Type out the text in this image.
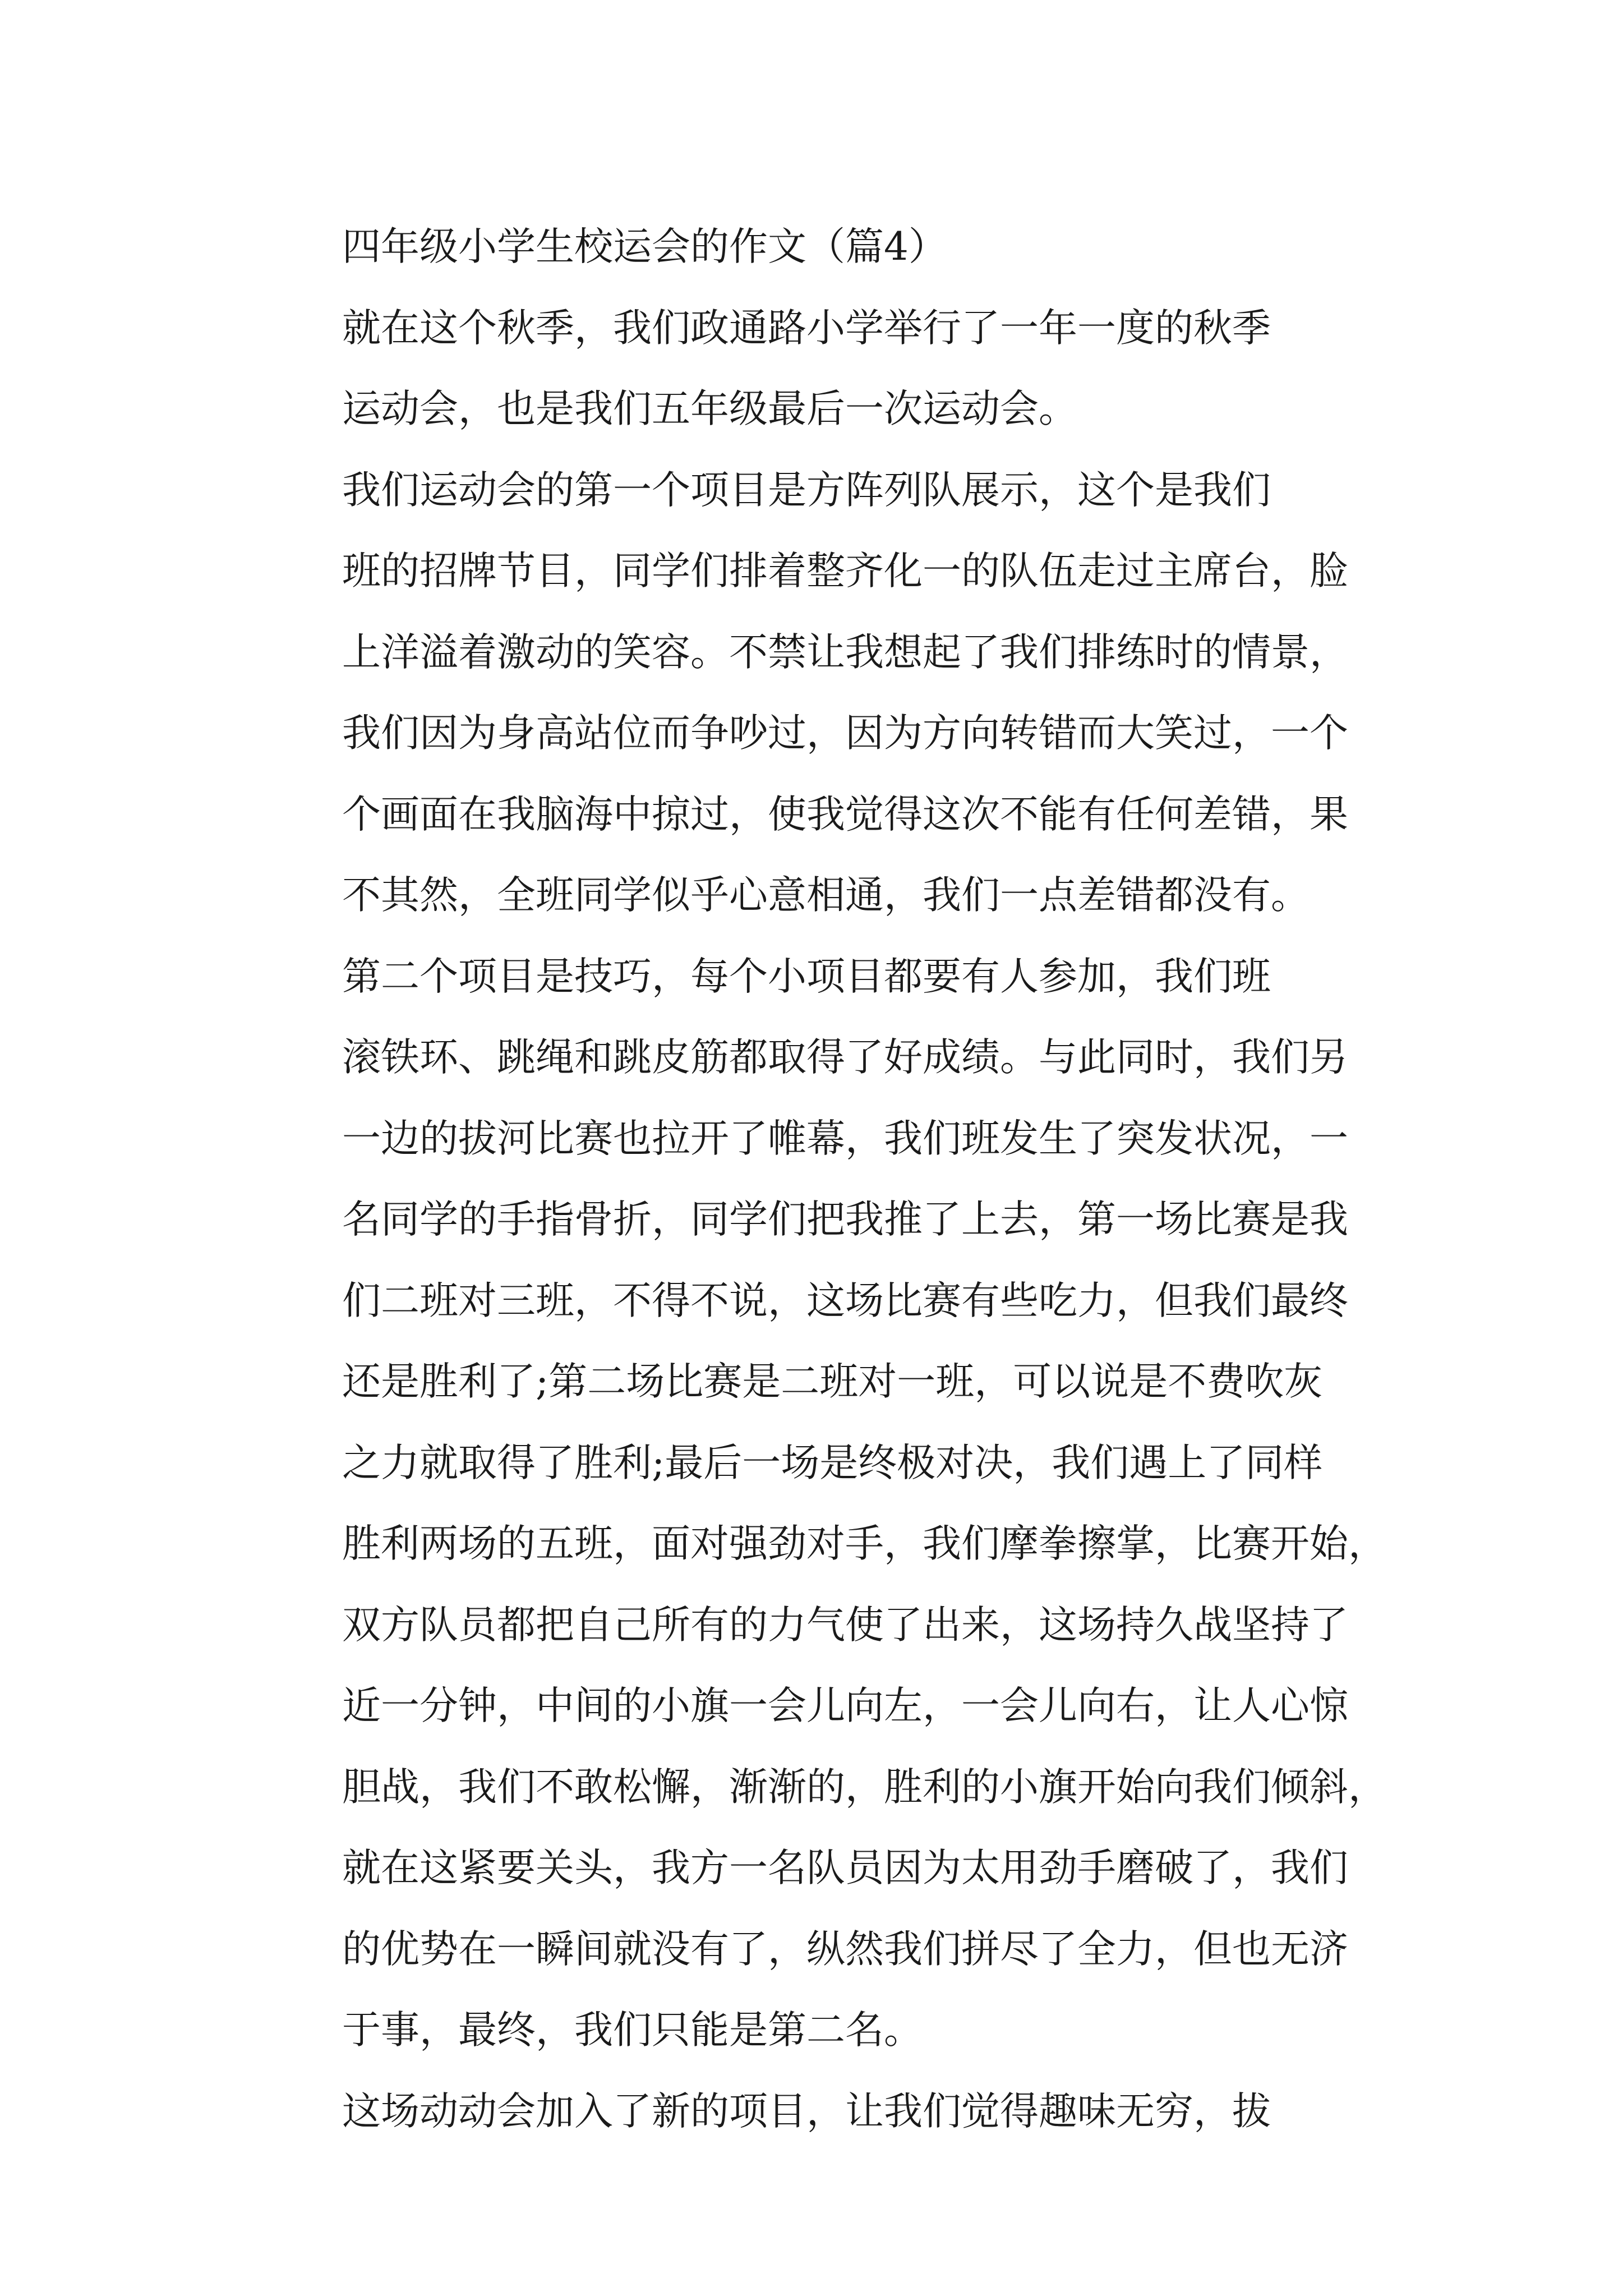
四年级小学生校运会的作文（篇4）

就在这个秋季，我们政通路小学举行了一年一度的秋季
运动会，也是我们五年级最后一次运动会。

我们运动会的第一个项目是方阵列队展示，这个是我们
班的招牌节目，同学们排着整齐化一的队伍走过主席台，脸
上洋溢着激动的笑容。不禁让我想起了我们排练时的情景，
我们因为身高站位而争吵过，因为方向转错而大笑过，一个
个画面在我脑海中掠过，使我觉得这次不能有任何差错，果
不其然，全班同学似乎心意相通，我们一点差错都没有。

第二个项目是技巧，每个小项目都要有人参加，我们班
滚铁环、跳绳和跳皮筋都取得了好成绩。与此同时，我们另
一边的拔河比赛也拉开了帷幕，我们班发生了突发状况，一
名同学的手指骨折，同学们把我推了上去，第一场比赛是我
们二班对三班，不得不说，这场比赛有些吃力，但我们最终
还是胜利了;第二场比赛是二班对一班，可以说是不费吹灰
之力就取得了胜利;最后一场是终极对决，我们遇上了同样
胜利两场的五班，面对强劲对手，我们摩拳擦掌，比赛开始，
双方队员都把自己所有的力气使了出来，这场持久战坚持了
近一分钟，中间的小旗一会儿向左，一会儿向右，让人心惊
胆战，我们不敢松懈，渐渐的，胜利的小旗开始向我们倾斜，
就在这紧要关头，我方一名队员因为太用劲手磨破了，我们
的优势在一瞬间就没有了，纵然我们拼尽了全力，但也无济
于事，最终，我们只能是第二名。

这场动动会加入了新的项目，让我们觉得趣味无穷，拔
